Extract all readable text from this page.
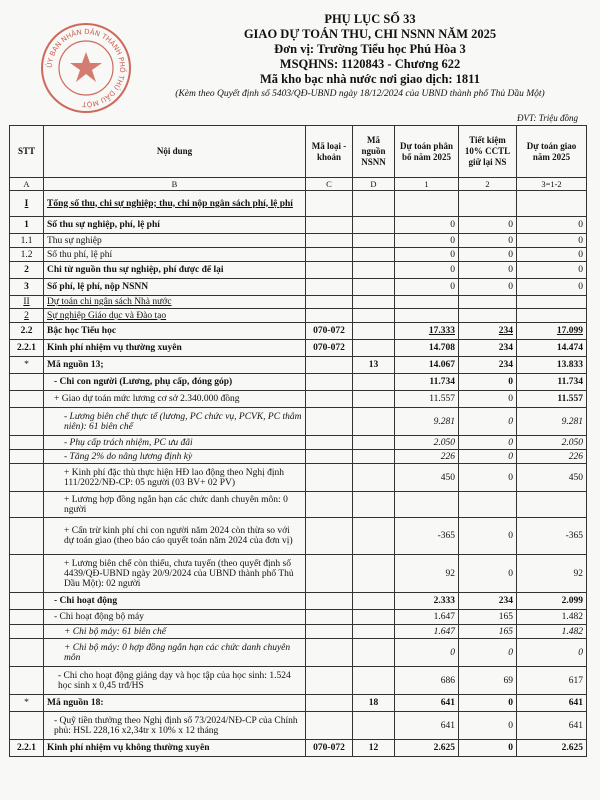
ỦY BAN NHÂN DÂN THÀNH PHỐ THỦ DẦU MỘT
PHỤ LỤC SỐ 33
GIAO DỰ TOÁN THU, CHI NSNN NĂM 2025
Đơn vị: Trường Tiểu học Phú Hòa 3
MSQHNS: 1120843 - Chương 622
Mã kho bạc nhà nước nơi giao dịch: 1811
(Kèm theo Quyết định số 5403/QĐ-UBND ngày 18/12/2024 của UBND thành phố Thủ Dầu Một)
ĐVT: Triệu đồng
STT	Nội dung	Mã loại - khoản	Mã nguồn NSNN	Dự toán phân bổ năm 2025	Tiết kiệm 10% CCTL giữ lại NS	Dự toán giao năm 2025
A	B	C	D	1	2	3=1-2
I	Tổng số thu, chi sự nghiệp; thu, chi nộp ngân sách phí, lệ phí					
1	Số thu sự nghiệp, phí, lệ phí			0	0	0
1.1	Thu sự nghiệp			0	0	0
1.2	Số thu phí, lệ phí			0	0	0
2	Chi từ nguồn thu sự nghiệp, phí được để lại			0	0	0
3	Số phí, lệ phí, nộp NSNN			0	0	0
II	Dự toán chi ngân sách Nhà nước					
2	Sự nghiệp Giáo dục và Đào tạo					
2.2	Bậc học Tiểu học	070-072		17.333	234	17.099
2.2.1	Kinh phí nhiệm vụ thường xuyên	070-072		14.708	234	14.474
*	Mã nguồn 13;		13	14.067	234	13.833
	- Chi con người (Lương, phụ cấp, đóng góp)			11.734	0	11.734
	+ Giao dự toán mức lương cơ sở 2.340.000 đồng			11.557	0	11.557
	- Lương biên chế thực tế (lương, PC chức vụ, PCVK, PC thâm niên): 61 biên chế			9.281	0	9.281
	- Phụ cấp trách nhiệm, PC ưu đãi			2.050	0	2.050
	- Tăng 2% do nâng lương định kỳ			226	0	226
	+ Kinh phí đặc thù thực hiện HĐ lao động theo Nghị định 111/2022/NĐ-CP: 05 người (03 BV+ 02 PV)			450	0	450
	+ Lương hợp đồng ngắn hạn các chức danh chuyên môn: 0 người					
	+ Cấn trừ kinh phí chi con người năm 2024 còn thừa so với dự toán giao (theo báo cáo quyết toán năm 2024 của đơn vị)			-365	0	-365
	+ Lương biên chế còn thiếu, chưa tuyển (theo quyết định số 4439/QĐ-UBND ngày 20/9/2024 của UBND thành phố Thủ Dầu Một): 02 người			92	0	92
	- Chi hoạt động			2.333	234	2.099
	- Chi hoạt động bộ máy			1.647	165	1.482
	+ Chi bộ máy: 61 biên chế			1.647	165	1.482
	+ Chi bộ máy: 0 hợp đồng ngắn hạn các chức danh chuyên môn			0	0	0
	- Chi cho hoạt động giảng dạy và học tập của học sinh: 1.524 học sinh x 0,45 trđ/HS			686	69	617
*	Mã nguồn 18:		18	641	0	641
	- Quỹ tiền thưởng theo Nghị định số 73/2024/NĐ-CP của Chính phủ: HSL 228,16 x2,34tr x 10% x 12 tháng			641	0	641
2.2.1	Kinh phí nhiệm vụ không thường xuyên	070-072	12	2.625	0	2.625
